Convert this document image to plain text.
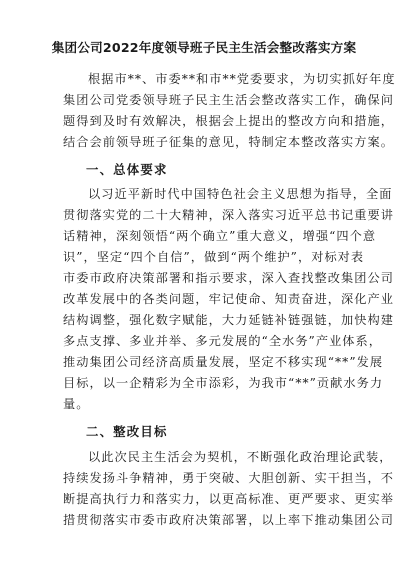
集团公司2022年度领导班子民主生活会整改落实方案
根据市**、市委**和市**党委要求，为切实抓好年度
集团公司党委领导班子民主生活会整改落实工作，确保问
题得到及时有效解决，根据会上提出的整改方向和措施，
结合会前领导班子征集的意见，特制定本整改落实方案。
一、总体要求
以习近平新时代中国特色社会主义思想为指导，全面
贯彻落实党的二十大精神，深入落实习近平总书记重要讲
话精神，深刻领悟“两个确立”重大意义，增强“四个意
识”，坚定“四个自信”，做到“两个维护”，对标对表
市委市政府决策部署和指示要求，深入查找整改集团公司
改革发展中的各类问题，牢记使命、知责奋进，深化产业
结构调整，强化数字赋能，大力延链补链强链，加快构建
多点支撑、多业并举、多元发展的“全水务”产业体系，
推动集团公司经济高质量发展，坚定不移实现“**”发展
目标，以一企精彩为全市添彩，为我市“**”贡献水务力
量。
二、整改目标
以此次民主生活会为契机，不断强化政治理论武装，
持续发扬斗争精神，勇于突破、大胆创新、实干担当，不
断提高执行力和落实力，以更高标准、更严要求、更实举
措贯彻落实市委市政府决策部署，以上率下推动集团公司
